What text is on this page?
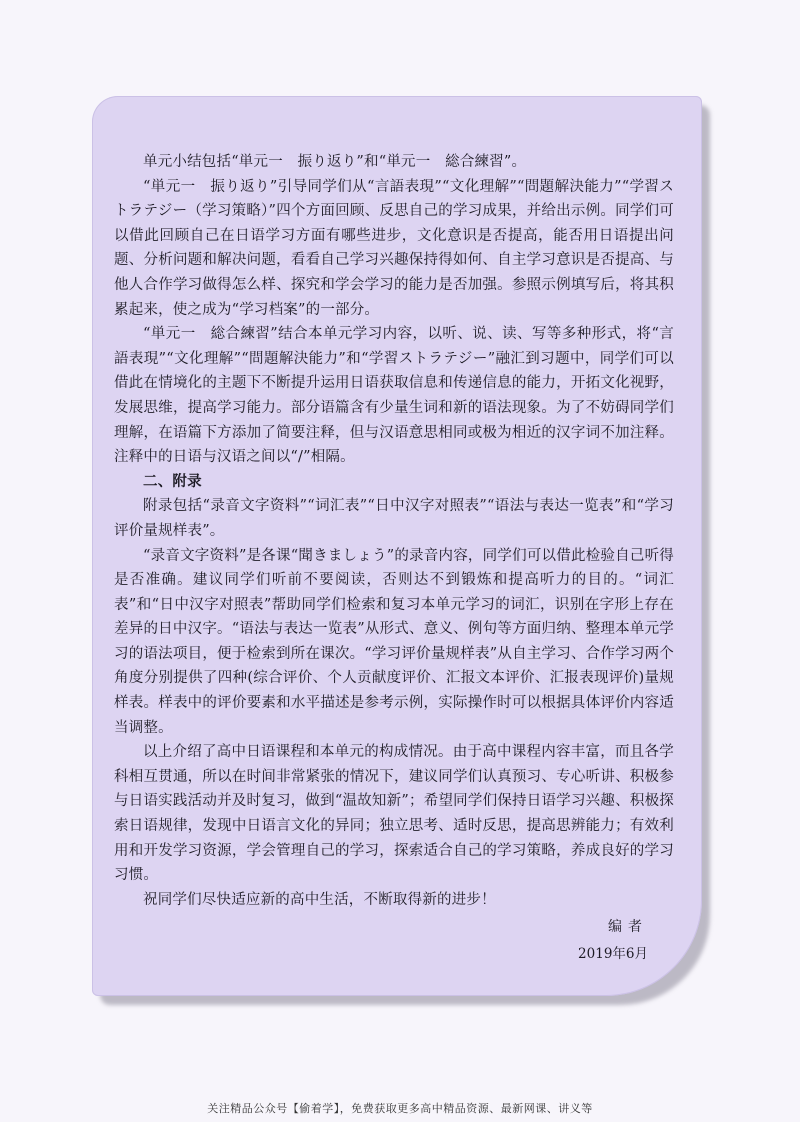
单元小结包括“単元一　振り返り”和“単元一　総合練習”。

“単元一　振り返り”引导同学们从“言語表現”“文化理解”“問題解決能力”“学習ストラテジー（学习策略）”四个方面回顾、反思自己的学习成果，并给出示例。同学们可以借此回顾自己在日语学习方面有哪些进步，文化意识是否提高，能否用日语提出问题、分析问题和解决问题，看看自己学习兴趣保持得如何、自主学习意识是否提高、与他人合作学习做得怎么样、探究和学会学习的能力是否加强。参照示例填写后，将其积累起来，使之成为“学习档案”的一部分。

“単元一　総合練習”结合本单元学习内容，以听、说、读、写等多种形式，将“言語表現”“文化理解”“問題解決能力”和“学習ストラテジー”融汇到习题中，同学们可以借此在情境化的主题下不断提升运用日语获取信息和传递信息的能力，开拓文化视野，发展思维，提高学习能力。部分语篇含有少量生词和新的语法现象。为了不妨碍同学们理解，在语篇下方添加了简要注释，但与汉语意思相同或极为相近的汉字词不加注释。注释中的日语与汉语之间以“/”相隔。

二、附录

附录包括“录音文字资料”“词汇表”“日中汉字对照表”“语法与表达一览表”和“学习评价量规样表”。

“录音文字资料”是各课“聞きましょう”的录音内容，同学们可以借此检验自己听得是否准确。建议同学们听前不要阅读，否则达不到锻炼和提高听力的目的。“词汇表”和“日中汉字对照表”帮助同学们检索和复习本单元学习的词汇，识别在字形上存在差异的日中汉字。“语法与表达一览表”从形式、意义、例句等方面归纳、整理本单元学习的语法项目，便于检索到所在课次。“学习评价量规样表”从自主学习、合作学习两个角度分别提供了四种(综合评价、个人贡献度评价、汇报文本评价、汇报表现评价)量规样表。样表中的评价要素和水平描述是参考示例，实际操作时可以根据具体评价内容适当调整。

以上介绍了高中日语课程和本单元的构成情况。由于高中课程内容丰富，而且各学科相互贯通，所以在时间非常紧张的情况下，建议同学们认真预习、专心听讲、积极参与日语实践活动并及时复习，做到“温故知新”；希望同学们保持日语学习兴趣、积极探索日语规律，发现中日语言文化的异同；独立思考、适时反思，提高思辨能力；有效利用和开发学习资源，学会管理自己的学习，探索适合自己的学习策略，养成良好的学习习惯。

祝同学们尽快适应新的高中生活，不断取得新的进步！

编者
2019年6月
关注精品公众号【偷着学】，免费获取更多高中精品资源、最新网课、讲义等
